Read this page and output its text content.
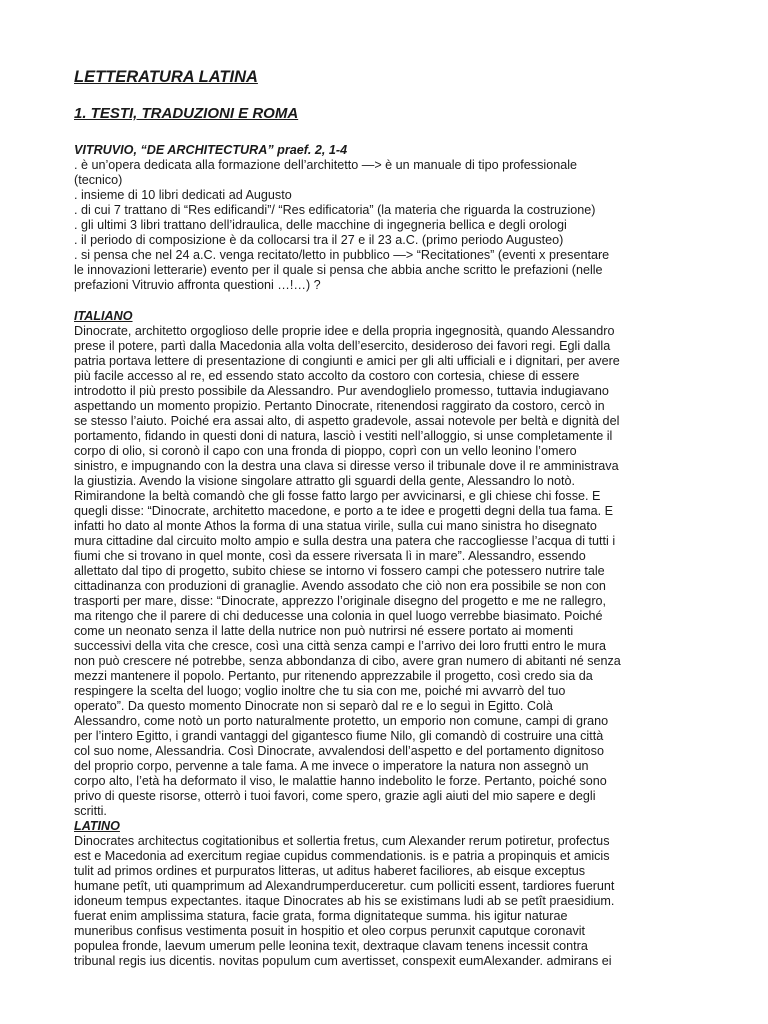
LETTERATURA LATINA
1. TESTI, TRADUZIONI E ROMA
VITRUVIO, “DE ARCHITECTURA” praef. 2, 1-4
. è un’opera dedicata alla formazione dell’architetto —> è un manuale di tipo professionale
(tecnico)
. insieme di 10 libri dedicati ad Augusto
. di cui 7 trattano di “Res edificandi”/ “Res edificatoria” (la materia che riguarda la costruzione)
. gli ultimi 3 libri trattano dell’idraulica, delle macchine di ingegneria bellica e degli orologi
. il periodo di composizione è da collocarsi tra il 27 e il 23 a.C. (primo periodo Augusteo)
. si pensa che nel 24 a.C. venga recitato/letto in pubblico —> “Recitationes” (eventi x presentare
le innovazioni letterarie) evento per il quale si pensa che abbia anche scritto le prefazioni (nelle
prefazioni Vitruvio affronta questioni …!…) ?
ITALIANO
Dinocrate, architetto orgoglioso delle proprie idee e della propria ingegnosità, quando Alessandro
prese il potere, partì dalla Macedonia alla volta dell’esercito, desideroso dei favori regi. Egli dalla
patria portava lettere di presentazione di congiunti e amici per gli alti ufficiali e i dignitari, per avere
più facile accesso al re, ed essendo stato accolto da costoro con cortesia, chiese di essere
introdotto il più presto possibile da Alessandro. Pur avendoglielo promesso, tuttavia indugiavano
aspettando un momento propizio. Pertanto Dinocrate, ritenendosi raggirato da costoro, cercò in
se stesso l’aiuto. Poiché era assai alto, di aspetto gradevole, assai notevole per beltà e dignità del
portamento, fidando in questi doni di natura, lasciò i vestiti nell’alloggio, si unse completamente il
corpo di olio, si coronò il capo con una fronda di pioppo, coprì con un vello leonino l’omero
sinistro, e impugnando con la destra una clava si diresse verso il tribunale dove il re amministrava
la giustizia. Avendo la visione singolare attratto gli sguardi della gente, Alessandro lo notò.
Rimirandone la beltà comandò che gli fosse fatto largo per avvicinarsi, e gli chiese chi fosse. E
quegli disse: “Dinocrate, architetto macedone, e porto a te idee e progetti degni della tua fama. E
infatti ho dato al monte Athos la forma di una statua virile, sulla cui mano sinistra ho disegnato
mura cittadine dal circuito molto ampio e sulla destra una patera che raccogliesse l’acqua di tutti i
fiumi che si trovano in quel monte, così da essere riversata lì in mare”. Alessandro, essendo
allettato dal tipo di progetto, subito chiese se intorno vi fossero campi che potessero nutrire tale
cittadinanza con produzioni di granaglie. Avendo assodato che ciò non era possibile se non con
trasporti per mare, disse: “Dinocrate, apprezzo l’originale disegno del progetto e me ne rallegro,
ma ritengo che il parere di chi deducesse una colonia in quel luogo verrebbe biasimato. Poiché
come un neonato senza il latte della nutrice non può nutrirsi né essere portato ai momenti
successivi della vita che cresce, così una città senza campi e l’arrivo dei loro frutti entro le mura
non può crescere né potrebbe, senza abbondanza di cibo, avere gran numero di abitanti né senza
mezzi mantenere il popolo. Pertanto, pur ritenendo apprezzabile il progetto, così credo sia da
respingere la scelta del luogo; voglio inoltre che tu sia con me, poiché mi avvarrò del tuo
operato”. Da questo momento Dinocrate non si separò dal re e lo seguì in Egitto. Colà
Alessandro, come notò un porto naturalmente protetto, un emporio non comune, campi di grano
per l’intero Egitto, i grandi vantaggi del gigantesco fiume Nilo, gli comandò di costruire una città
col suo nome, Alessandria. Così Dinocrate, avvalendosi dell’aspetto e del portamento dignitoso
del proprio corpo, pervenne a tale fama. A me invece o imperatore la natura non assegnò un
corpo alto, l’età ha deformato il viso, le malattie hanno indebolito le forze. Pertanto, poiché sono
privo di queste risorse, otterrò i tuoi favori, come spero, grazie agli aiuti del mio sapere e degli
scritti.
LATINO
Dinocrates architectus cogitationibus et sollertia fretus, cum Alexander rerum potiretur, profectus
est e Macedonia ad exercitum regiae cupidus commendationis. is e patria a propinquis et amicis
tulit ad primos ordines et purpuratos litteras, ut aditus haberet faciliores, ab eisque exceptus
humane petît, uti quamprimum ad Alexandrumperduceretur. cum polliciti essent, tardiores fuerunt
idoneum tempus expectantes. itaque Dinocrates ab his se existimans ludi ab se petît praesidium.
fuerat enim amplissima statura, facie grata, forma dignitateque summa. his igitur naturae
muneribus confisus vestimenta posuit in hospitio et oleo corpus perunxit caputque coronavit
populea fronde, laevum umerum pelle leonina texit, dextraque clavam tenens incessit contra
tribunal regis ius dicentis. novitas populum cum avertisset, conspexit eumAlexander. admirans ei
